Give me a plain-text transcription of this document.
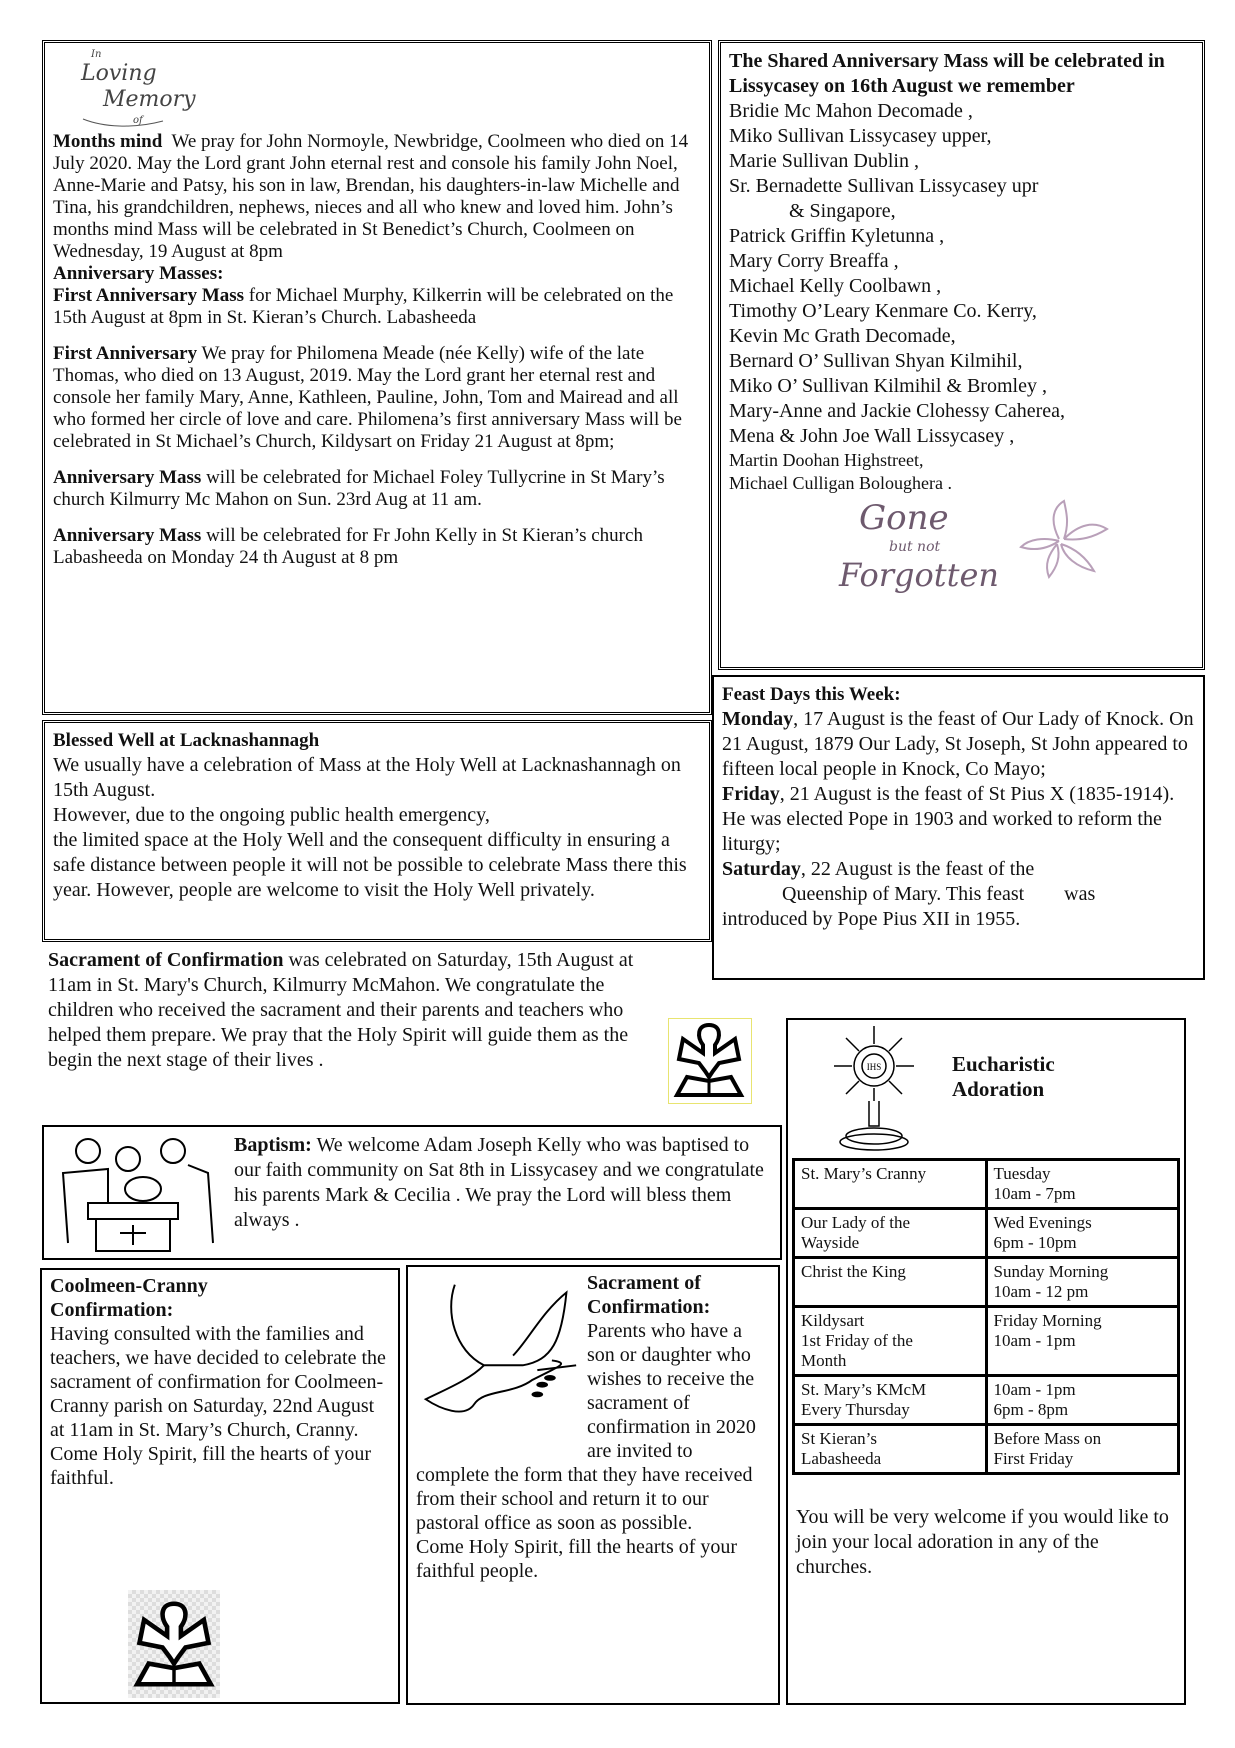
In
Loving
Memory
of

Months mind We pray for John Normoyle, Newbridge, Coolmeen who died on 14 July 2020. May the Lord grant John eternal rest and console his family John Noel, Anne-Marie and Patsy, his son in law, Brendan, his daughters-in-law Michelle and Tina, his grandchildren, nephews, nieces and all who knew and loved him. John’s months mind Mass will be celebrated in St Benedict’s Church, Coolmeen on Wednesday, 19 August at 8pm

Anniversary Masses:

First Anniversary Mass for Michael Murphy, Kilkerrin will be celebrated on the 15th August at 8pm in St. Kieran’s Church. Labasheeda

First Anniversary We pray for Philomena Meade (née Kelly) wife of the late Thomas, who died on 13 August, 2019. May the Lord grant her eternal rest and console her family Mary, Anne, Kathleen, Pauline, John, Tom and Mairead and all who formed her circle of love and care. Philomena’s first anniversary Mass will be celebrated in St Michael’s Church, Kildysart on Friday 21 August at 8pm;

Anniversary Mass will be celebrated for Michael Foley Tullycrine in St Mary’s church Kilmurry Mc Mahon on Sun. 23rd Aug at 11 am.

Anniversary Mass will be celebrated for Fr John Kelly in St Kieran’s church Labasheeda on Monday 24 th August at 8 pm

The Shared Anniversary Mass will be celebrated in Lissycasey on 16th August we remember

Bridie Mc Mahon Decomade ,

Miko Sullivan Lissycasey upper,

Marie Sullivan Dublin ,

Sr. Bernadette Sullivan Lissycasey upr

& Singapore,

Patrick Griffin Kyletunna ,

Mary Corry Breaffa ,

Michael Kelly Coolbawn ,

Timothy O’Leary Kenmare Co. Kerry,

Kevin Mc Grath Decomade,

Bernard O’ Sullivan Shyan Kilmihil,

Miko O’ Sullivan Kilmihil & Bromley ,

Mary-Anne and Jackie Clohessy Caherea,

Mena & John Joe Wall Lissycasey ,

Martin Doohan Highstreet,

Michael Culligan Boloughera .

Gone
but not
Forgotten

Blessed Well at Lacknashannagh

We usually have a celebration of Mass at the Holy Well at Lacknashannagh on 15th August.

However, due to the ongoing public health emergency,

the limited space at the Holy Well and the consequent difficulty in ensuring a safe distance between people it will not be possible to celebrate Mass there this year. However, people are welcome to visit the Holy Well privately.

Feast Days this Week:

Monday, 17 August is the feast of Our Lady of Knock. On 21 August, 1879 Our Lady, St Joseph, St John appeared to fifteen local people in Knock, Co Mayo;

Friday, 21 August is the feast of St Pius X (1835-1914). He was elected Pope in 1903 and worked to reform the liturgy;

Saturday, 22 August is the feast of the

Queenship of Mary. This feast        was

introduced by Pope Pius XII in 1955.

Sacrament of Confirmation was celebrated on Saturday, 15th August at 11am in St. Mary's Church, Kilmurry McMahon. We congratulate the children who received the sacrament and their parents and teachers who helped them prepare. We pray that the Holy Spirit will guide them as the begin the next stage of their lives .

Baptism: We welcome Adam Joseph Kelly who was baptised to our faith community on Sat 8th in Lissycasey and we congratulate his parents Mark & Cecilia . We pray the Lord will bless them always .

Coolmeen-Cranny Confirmation:

Having consulted with the families and teachers, we have decided to celebrate the sacrament of confirmation for Coolmeen-Cranny parish on Saturday, 22nd August at 11am in St. Mary’s Church, Cranny. Come Holy Spirit, fill the hearts of your faithful.

Sacrament of Confirmation:

Parents who have a son or daughter who wishes to receive the sacrament of confirmation in 2020 are invited to complete the form that they have received from their school and return it to our pastoral office as soon as possible.

Come Holy Spirit, fill the hearts of your faithful people.

IHS	Eucharistic Adoration

St. Mary’s Cranny	Tuesday
10am - 7pm
Our Lady of the
Wayside	Wed Evenings
6pm - 10pm
Christ the King	Sunday Morning
10am - 12 pm
Kildysart
1st Friday of the
Month	Friday Morning
10am - 1pm
St. Mary’s KMcM
Every Thursday	10am - 1pm
6pm - 8pm
St Kieran’s
Labasheeda	Before Mass on
First Friday

You will be very welcome if you would like to join your local adoration in any of the churches.
